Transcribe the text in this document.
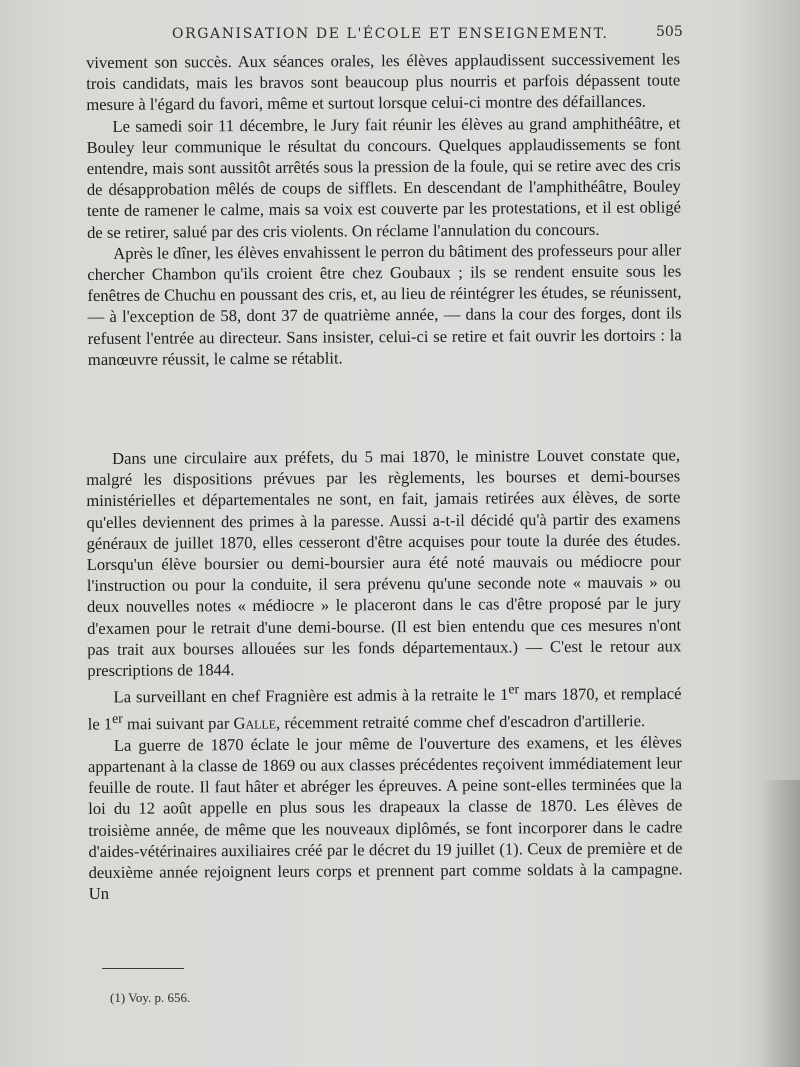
ORGANISATION DE L'ÉCOLE ET ENSEIGNEMENT.	505

vivement son succès. Aux séances orales, les élèves applaudissent successivement les trois candidats, mais les bravos sont beaucoup plus nourris et parfois dépassent toute mesure à l'égard du favori, même et surtout lorsque celui-ci montre des défaillances.

Le samedi soir 11 décembre, le Jury fait réunir les élèves au grand amphithéâtre, et Bouley leur communique le résultat du concours. Quelques applaudissements se font entendre, mais sont aussitôt arrêtés sous la pression de la foule, qui se retire avec des cris de désapprobation mêlés de coups de sifflets. En descendant de l'amphithéâtre, Bouley tente de ramener le calme, mais sa voix est couverte par les protestations, et il est obligé de se retirer, salué par des cris violents. On réclame l'annulation du concours.

Après le dîner, les élèves envahissent le perron du bâtiment des professeurs pour aller chercher Chambon qu'ils croient être chez Goubaux ; ils se rendent ensuite sous les fenêtres de Chuchu en poussant des cris, et, au lieu de réintégrer les études, se réunissent, — à l'exception de 58, dont 37 de quatrième année, — dans la cour des forges, dont ils refusent l'entrée au directeur. Sans insister, celui-ci se retire et fait ouvrir les dortoirs : la manœuvre réussit, le calme se rétablit.

Dans une circulaire aux préfets, du 5 mai 1870, le ministre Louvet constate que, malgré les dispositions prévues par les règlements, les bourses et demi-bourses ministérielles et départementales ne sont, en fait, jamais retirées aux élèves, de sorte qu'elles deviennent des primes à la paresse. Aussi a-t-il décidé qu'à partir des examens généraux de juillet 1870, elles cesseront d'être acquises pour toute la durée des études. Lorsqu'un élève boursier ou demi-boursier aura été noté mauvais ou médiocre pour l'instruction ou pour la conduite, il sera prévenu qu'une seconde note « mauvais » ou deux nouvelles notes « médiocre » le placeront dans le cas d'être proposé par le jury d'examen pour le retrait d'une demi-bourse. (Il est bien entendu que ces mesures n'ont pas trait aux bourses allouées sur les fonds départementaux.) — C'est le retour aux prescriptions de 1844.

La surveillant en chef Fragnière est admis à la retraite le 1er mars 1870, et remplacé le 1er mai suivant par Galle, récemment retraité comme chef d'escadron d'artillerie.

La guerre de 1870 éclate le jour même de l'ouverture des examens, et les élèves appartenant à la classe de 1869 ou aux classes précédentes reçoivent immédiatement leur feuille de route. Il faut hâter et abréger les épreuves. A peine sont-elles terminées que la loi du 12 août appelle en plus sous les drapeaux la classe de 1870. Les élèves de troisième année, de même que les nouveaux diplômés, se font incorporer dans le cadre d'aides-vétérinaires auxiliaires créé par le décret du 19 juillet (1). Ceux de première et de deuxième année rejoignent leurs corps et prennent part comme soldats à la campagne. Un

(1) Voy. p. 656.
